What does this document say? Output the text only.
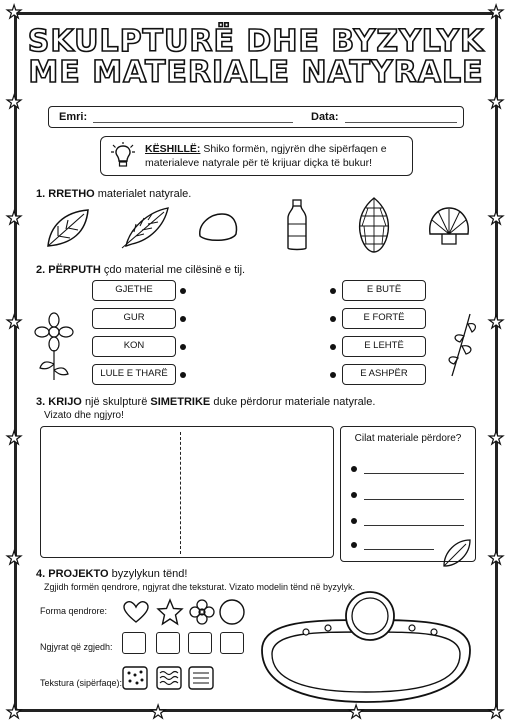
★	★
★	★
★	★
★	★
★	★
★	★
★	★
★	★
SKULPTURË DHE BYZYLYK
ME MATERIALE NATYRALE
Emri:	Data:
KËSHILLË: Shiko formën, ngjyrën dhe sipërfaqen e materialeve natyrale për të krijuar diçka të bukur!
1. RRETHO materialet natyrale.
2. PËRPUTH çdo material me cilësinë e tij.
GJETHE
GUR
KON
LULE E THARË
E BUTË
E FORTË
E LEHTË
E ASHPËR
3. KRIJO një skulpturë SIMETRIKE duke përdorur materiale natyrale.
Vizato dhe ngjyro!
Cilat materiale përdore?
4. PROJEKTO byzylykun tënd!
Zgjidh formën qendrore, ngjyrat dhe teksturat. Vizato modelin tënd në byzylyk.
Forma qendrore:
Ngjyrat që zgjedh:
Tekstura (sipërfaqe):
